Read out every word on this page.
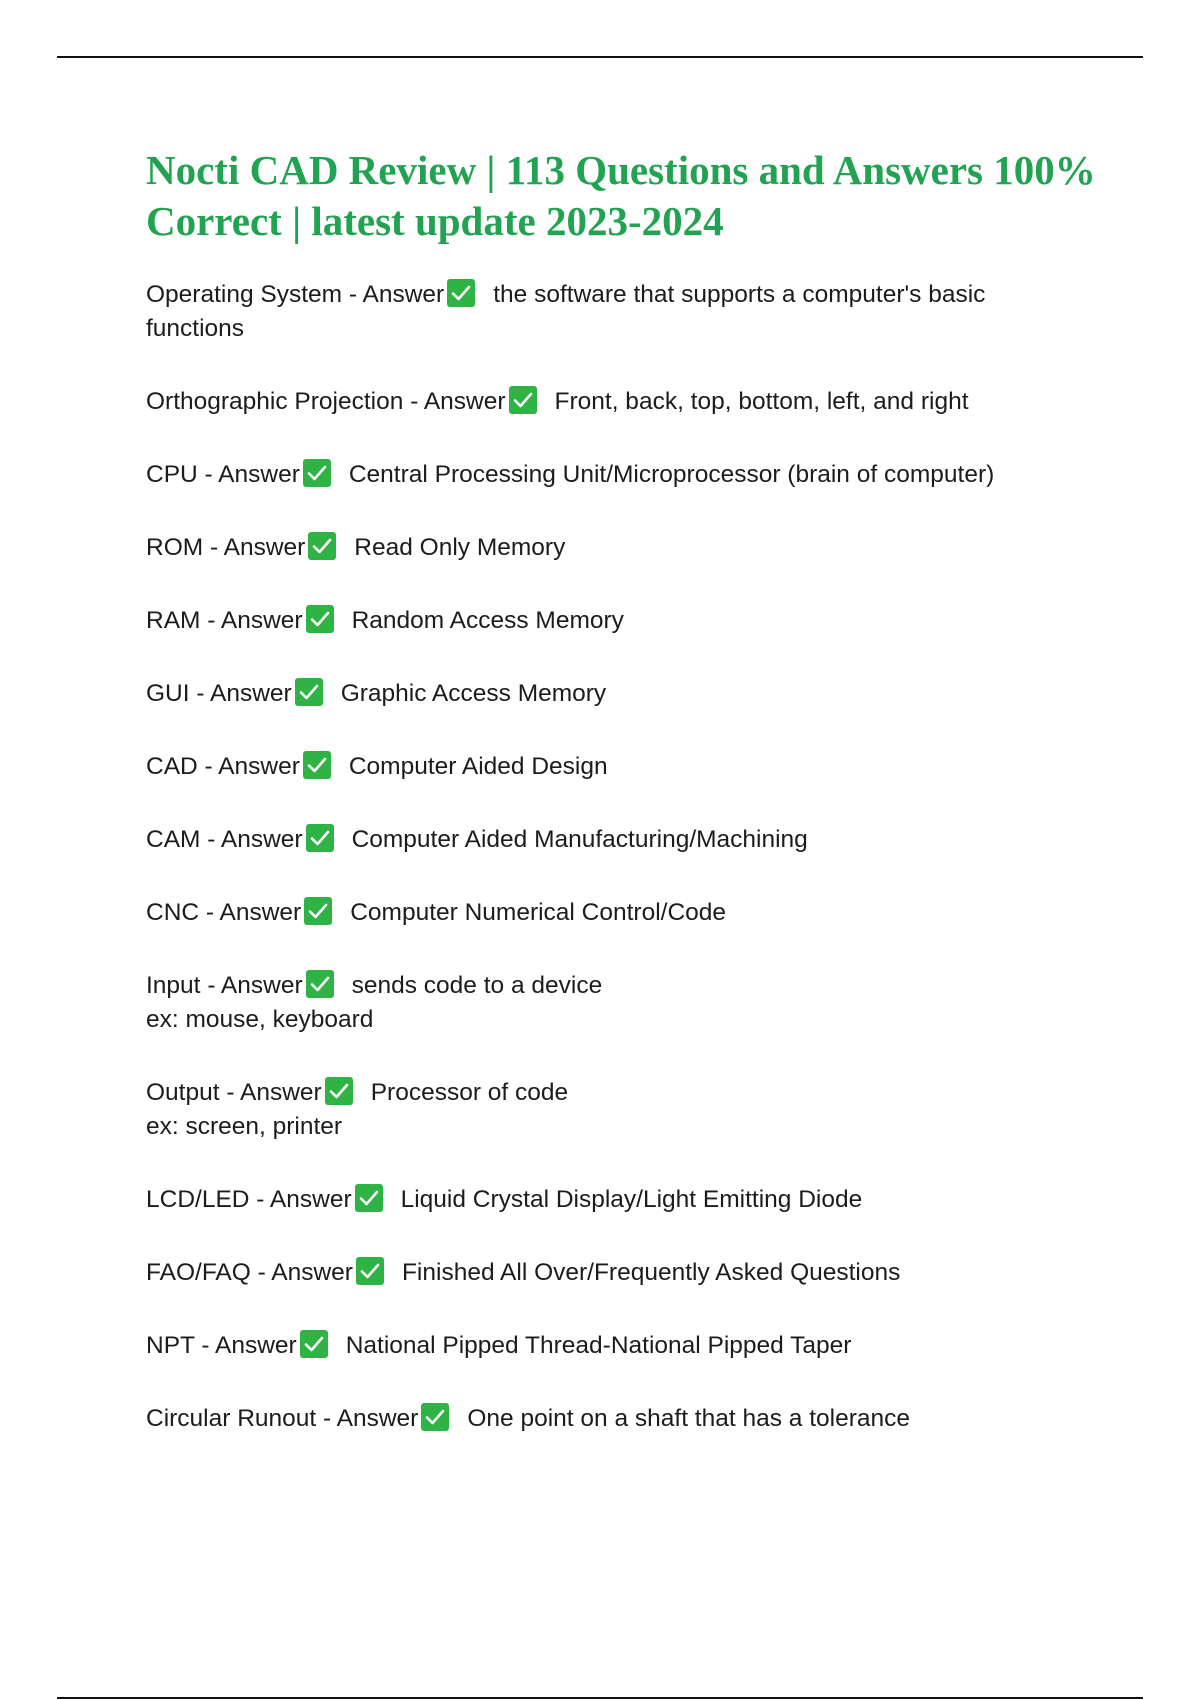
Nocti CAD Review | 113 Questions and Answers 100% Correct | latest update 2023-2024

Operating System - Answer the software that supports a computer's basic functions

Orthographic Projection - Answer Front, back, top, bottom, left, and right

CPU - Answer Central Processing Unit/Microprocessor (brain of computer)

ROM - Answer Read Only Memory

RAM - Answer Random Access Memory

GUI - Answer Graphic Access Memory

CAD - Answer Computer Aided Design

CAM - Answer Computer Aided Manufacturing/Machining

CNC - Answer Computer Numerical Control/Code

Input - Answer sends code to a device
ex: mouse, keyboard

Output - Answer Processor of code
ex: screen, printer

LCD/LED - Answer Liquid Crystal Display/Light Emitting Diode

FAO/FAQ - Answer Finished All Over/Frequently Asked Questions

NPT - Answer National Pipped Thread-National Pipped Taper

Circular Runout - Answer One point on a shaft that has a tolerance
